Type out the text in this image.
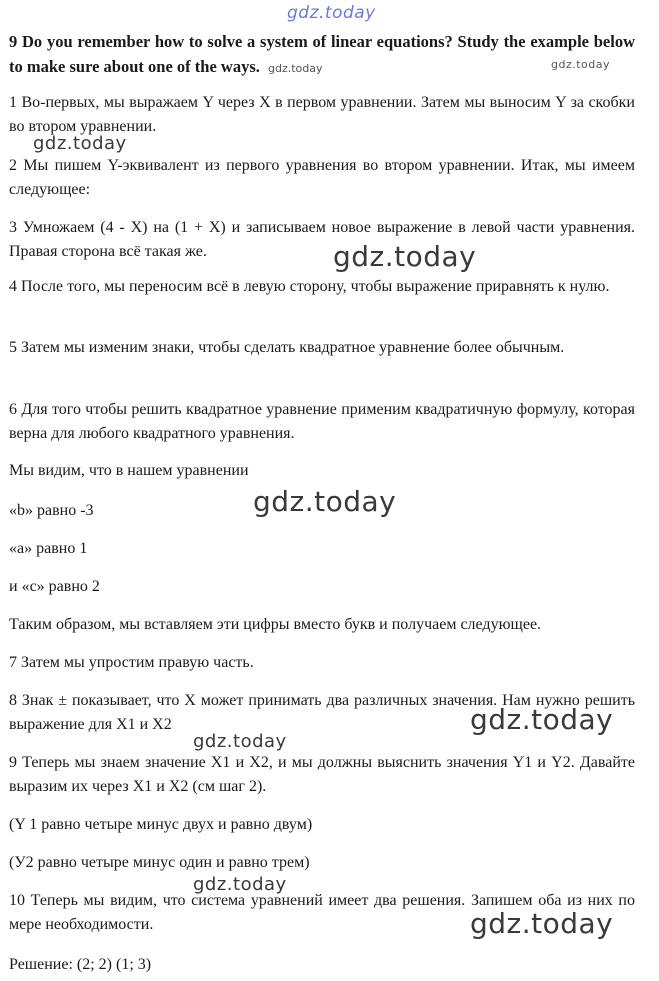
gdz.today
9 Do you remember how to solve a system of linear equations? Study the example below to make sure about one of the ways. gdz.today	gdz.today
1 Во-первых, мы выражаем Y через X в первом уравнении. Затем мы выносим Y за скобки во втором уравнении.
gdz.today
2 Мы пишем Y-эквивалент из первого уравнения во втором уравнении. Итак, мы имеем следующее:
3 Умножаем (4 - X) на (1 + X) и записываем новое выражение в левой части уравнения. Правая сторона всё такая же.	gdz.today
4 После того, мы переносим всё в левую сторону, чтобы выражение приравнять к нулю.
5 Затем мы изменим знаки, чтобы сделать квадратное уравнение более обычным.
6 Для того чтобы решить квадратное уравнение применим квадратичную формулу, которая верна для любого квадратного уравнения.
Мы видим, что в нашем уравнении
gdz.today
«b» равно -3
«a» равно 1
и «c» равно 2
Таким образом, мы вставляем эти цифры вместо букв и получаем следующее.
7 Затем мы упростим правую часть.
8 Знак ± показывает, что X может принимать два различных значения. Нам нужно решить выражение для X1 и X2	gdz.today
gdz.today
9 Теперь мы знаем значение X1 и X2, и мы должны выяснить значения Y1 и Y2. Давайте выразим их через X1 и X2 (см шаг 2).
(Y 1 равно четыре минус двух и равно двум)
(У2 равно четыре минус один и равно трем)
gdz.today
10 Теперь мы видим, что система уравнений имеет два решения. Запишем оба из них по мере необходимости.	gdz.today
Решение: (2; 2) (1; 3)
